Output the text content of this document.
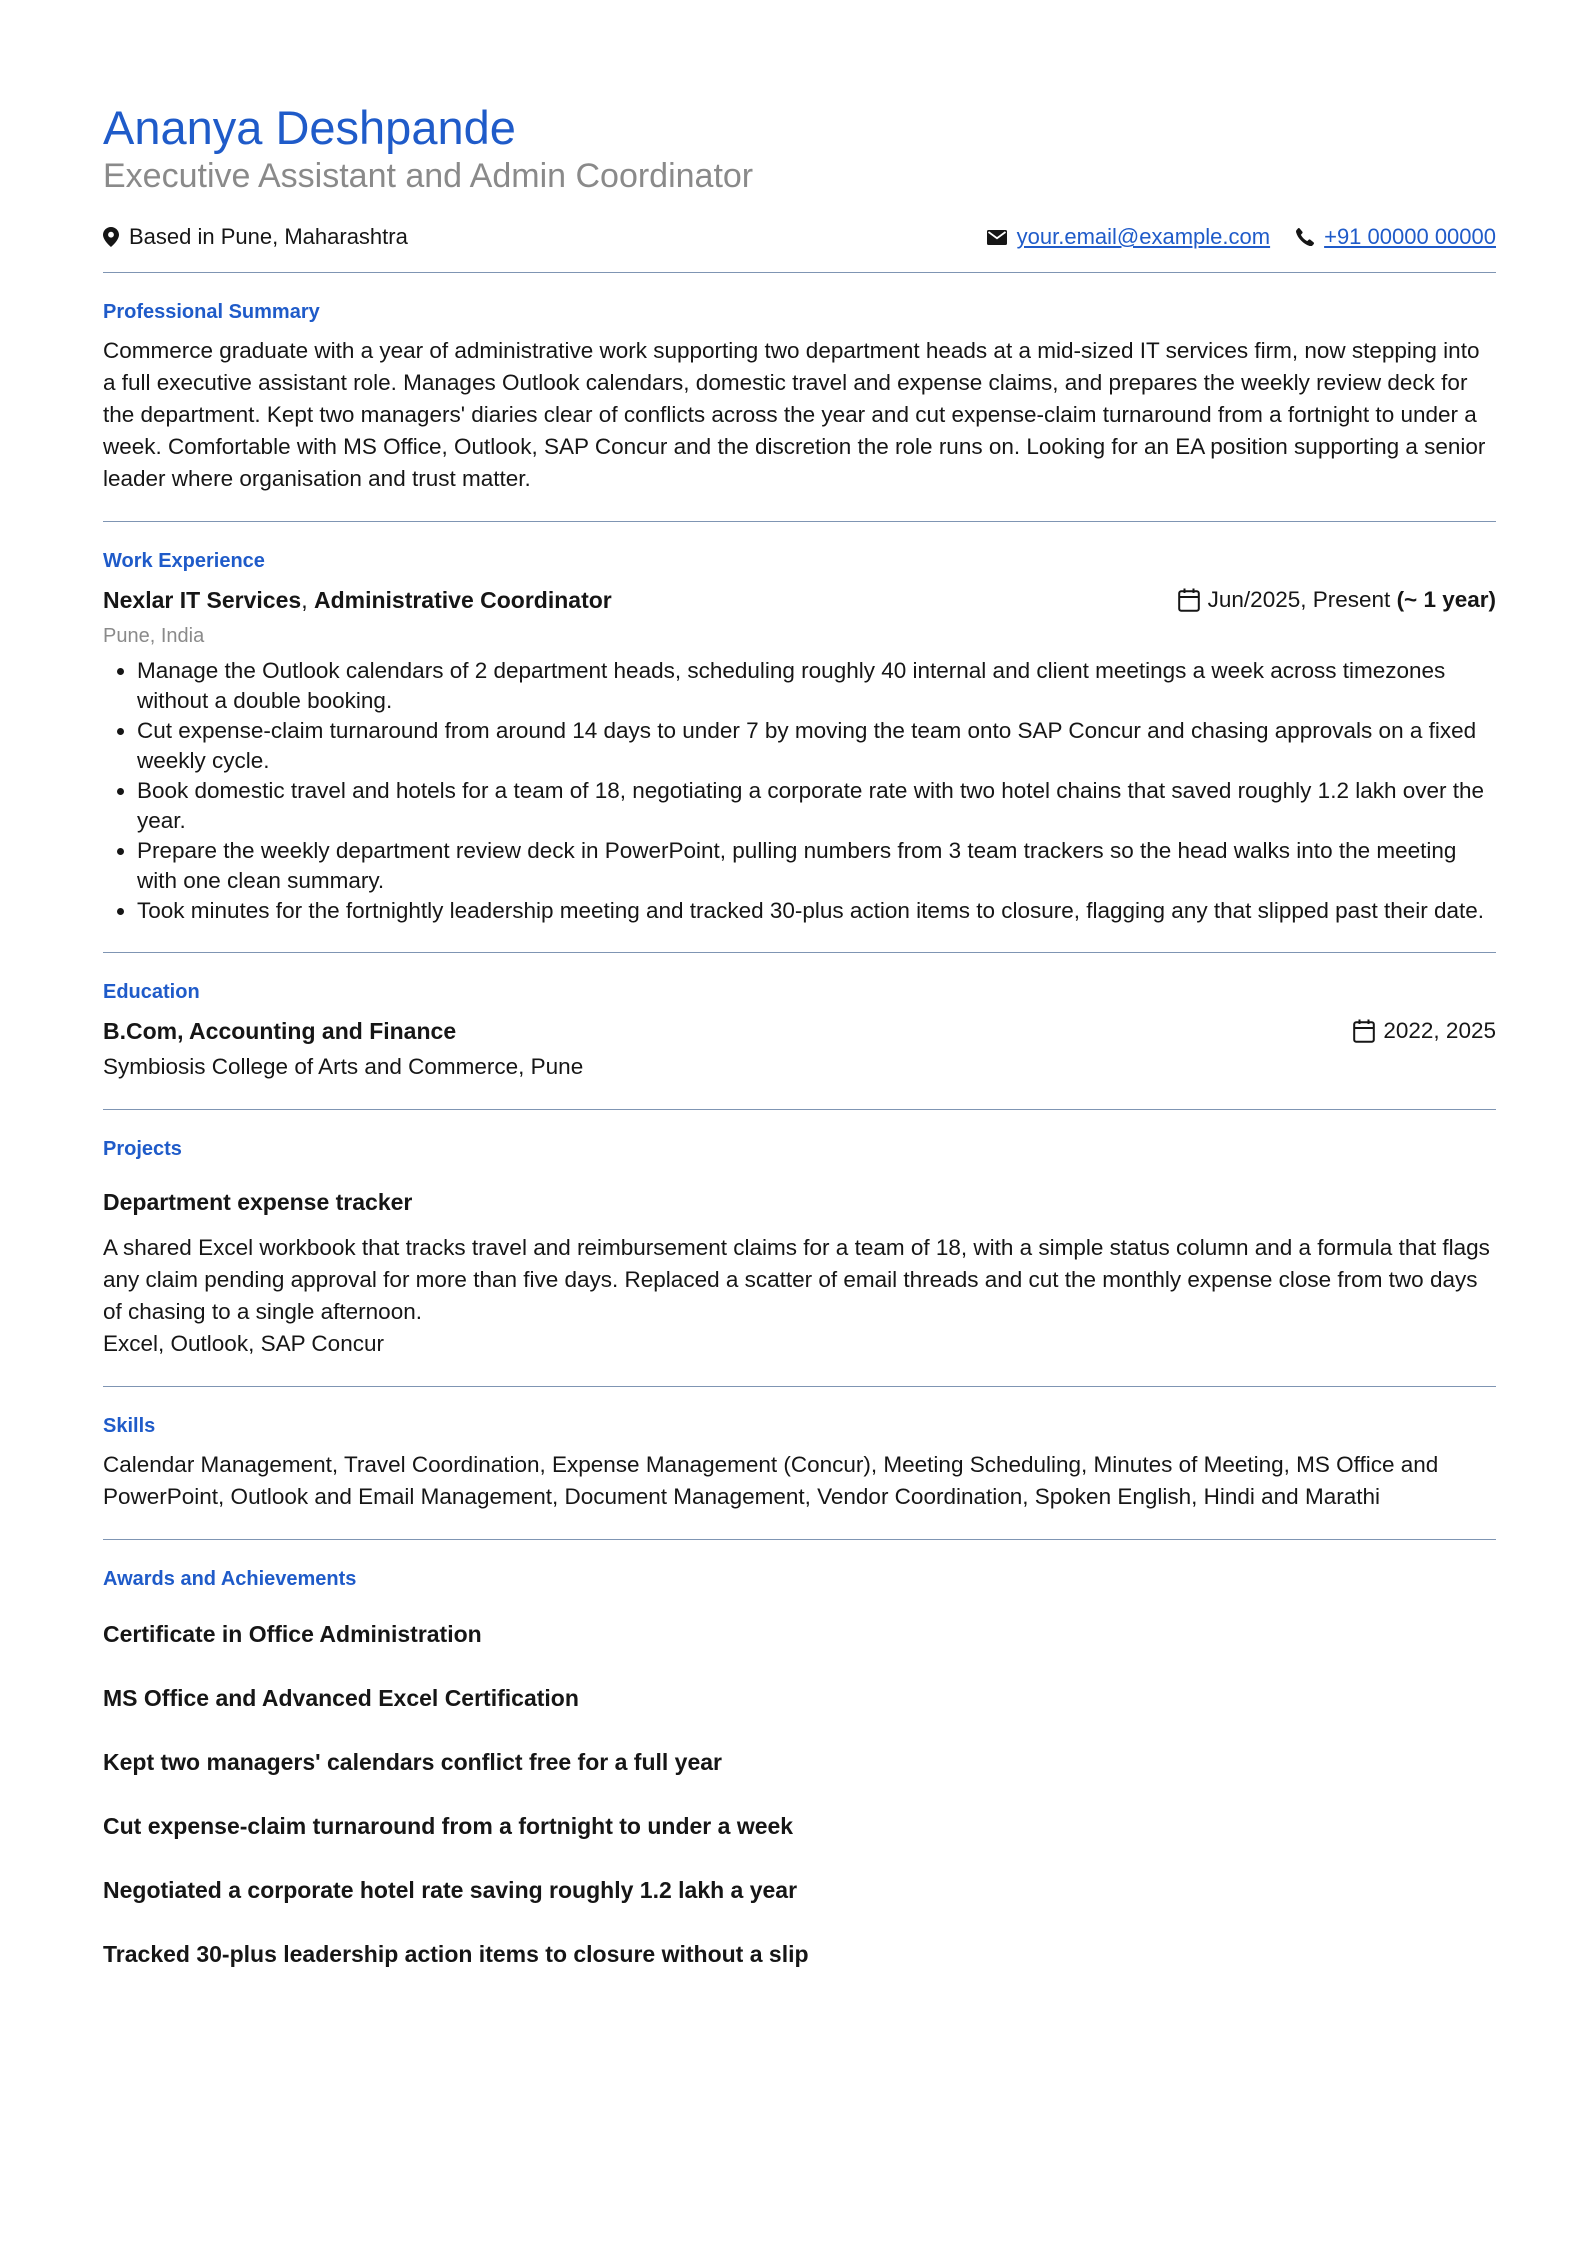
Ananya Deshpande
Executive Assistant and Admin Coordinator
Based in Pune, Maharashtra	your.email@example.com +91 00000 00000
Professional Summary

Commerce graduate with a year of administrative work supporting two department heads at a mid-sized IT services firm, now stepping into a full executive assistant role. Manages Outlook calendars, domestic travel and expense claims, and prepares the weekly review deck for the department. Kept two managers' diaries clear of conflicts across the year and cut expense-claim turnaround from a fortnight to under a week. Comfortable with MS Office, Outlook, SAP Concur and the discretion the role runs on. Looking for an EA position supporting a senior leader where organisation and trust matter.

Work Experience
Nexlar IT Services, Administrative Coordinator	Jun/2025, Present
(~ 1 year)
Pune, India
• Manage the Outlook calendars of 2 department heads, scheduling roughly 40 internal and client meetings a week across timezones without a double booking.
• Cut expense-claim turnaround from around 14 days to under 7 by moving the team onto SAP Concur and chasing approvals on a fixed weekly cycle.
• Book domestic travel and hotels for a team of 18, negotiating a corporate rate with two hotel chains that saved roughly 1.2 lakh over the year.
• Prepare the weekly department review deck in PowerPoint, pulling numbers from 3 team trackers so the head walks into the meeting with one clean summary.
• Took minutes for the fortnightly leadership meeting and tracked 30-plus action items to closure, flagging any that slipped past their date.
Education
B.Com, Accounting and Finance	2022, 2025
Symbiosis College of Arts and Commerce, Pune
Projects
Department expense tracker

A shared Excel workbook that tracks travel and reimbursement claims for a team of 18, with a simple status column and a formula that flags any claim pending approval for more than five days. Replaced a scatter of email threads and cut the monthly expense close from two days of chasing to a single afternoon.

Excel, Outlook, SAP Concur

Skills

Calendar Management, Travel Coordination, Expense Management (Concur), Meeting Scheduling, Minutes of Meeting, MS Office and PowerPoint, Outlook and Email Management, Document Management, Vendor Coordination, Spoken English, Hindi and Marathi

Awards and Achievements
Certificate in Office Administration
MS Office and Advanced Excel Certification
Kept two managers' calendars conflict free for a full year
Cut expense-claim turnaround from a fortnight to under a week
Negotiated a corporate hotel rate saving roughly 1.2 lakh a year
Tracked 30-plus leadership action items to closure without a slip
